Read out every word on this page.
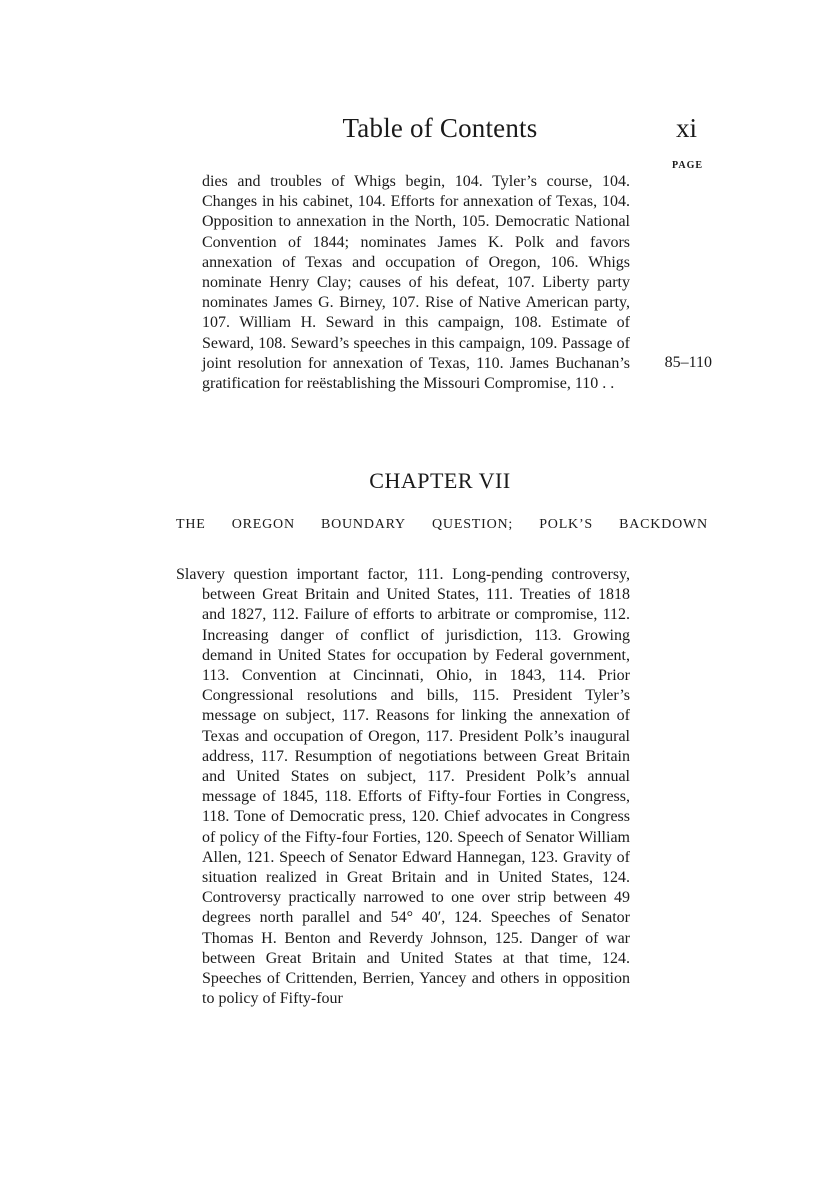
Table of Contents	xi
PAGE
dies and troubles of Whigs begin, 104. Tyler’s course, 104. Changes in his cabinet, 104. Efforts for annexation of Texas, 104. Opposition to annexation in the North, 105. Democratic National Convention of 1844; nominates James K. Polk and favors annexation of Texas and occupation of Oregon, 106. Whigs nominate Henry Clay; causes of his defeat, 107. Liberty party nominates James G. Birney, 107. Rise of Native American party, 107. William H. Seward in this campaign, 108. Estimate of Seward, 108. Seward’s speeches in this campaign, 109. Passage of joint resolution for annexation of Texas, 110. James Buchanan’s gratification for reëstablishing the Missouri Compromise, 110 . .
85–110
CHAPTER VII
THE OREGON BOUNDARY QUESTION; POLK’S BACKDOWN
Slavery question important factor, 111. Long-pending controversy, between Great Britain and United States, 111. Treaties of 1818 and 1827, 112. Failure of efforts to arbitrate or compromise, 112. Increasing danger of conflict of jurisdiction, 113. Growing demand in United States for occupation by Federal government, 113. Convention at Cincinnati, Ohio, in 1843, 114. Prior Congressional resolutions and bills, 115. President Tyler’s message on subject, 117. Reasons for linking the annexation of Texas and occupation of Oregon, 117. President Polk’s inaugural address, 117. Resumption of negotiations between Great Britain and United States on subject, 117. President Polk’s annual message of 1845, 118. Efforts of Fifty-four Forties in Congress, 118. Tone of Democratic press, 120. Chief advocates in Congress of policy of the Fifty-four Forties, 120. Speech of Senator William Allen, 121. Speech of Senator Edward Hannegan, 123. Gravity of situation realized in Great Britain and in United States, 124. Controversy practically narrowed to one over strip between 49 degrees north parallel and 54° 40′, 124. Speeches of Senator Thomas H. Benton and Reverdy Johnson, 125. Danger of war between Great Britain and United States at that time, 124. Speeches of Crittenden, Berrien, Yancey and others in opposition to policy of Fifty-four
